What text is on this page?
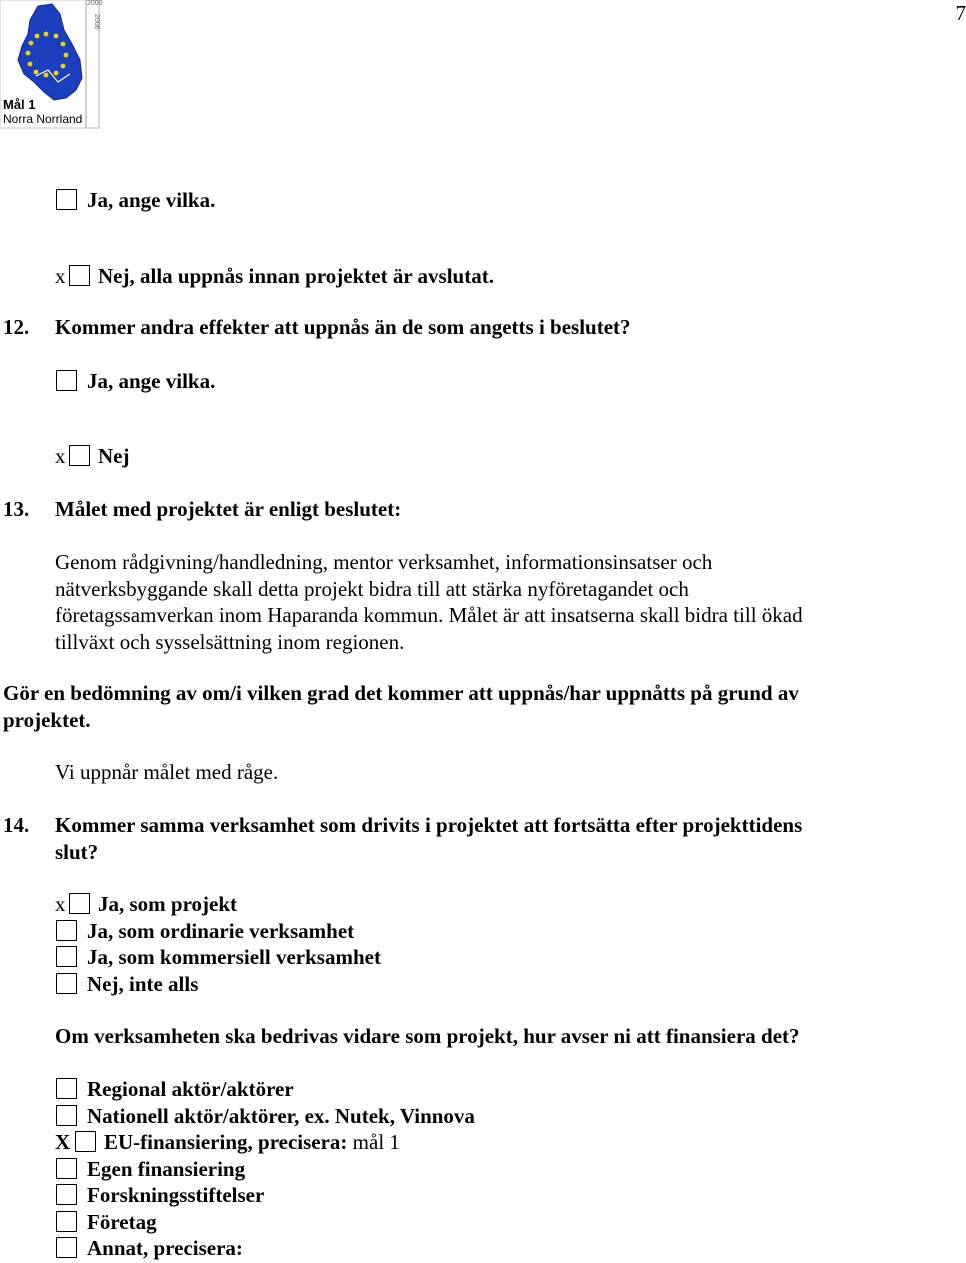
7
2000
2006
Mål 1
Norra Norrland
Ja, ange vilka.
x Nej, alla uppnås innan projektet är avslutat.
12. Kommer andra effekter att uppnås än de som angetts i beslutet?
Ja, ange vilka.
x Nej
13. Målet med projektet är enligt beslutet:
Genom rådgivning/handledning, mentor verksamhet, informationsinsatser och
nätverksbyggande skall detta projekt bidra till att stärka nyföretagandet och
företagssamverkan inom Haparanda kommun. Målet är att insatserna skall bidra till ökad
tillväxt och sysselsättning inom regionen.
Gör en bedömning av om/i vilken grad det kommer att uppnås/har uppnåtts på grund av
projektet.
Vi uppnår målet med råge.
14. Kommer samma verksamhet som drivits i projektet att fortsätta efter projekttidens
slut?
x Ja, som projekt
Ja, som ordinarie verksamhet
Ja, som kommersiell verksamhet
Nej, inte alls
Om verksamheten ska bedrivas vidare som projekt, hur avser ni att finansiera det?
Regional aktör/aktörer
Nationell aktör/aktörer, ex. Nutek, Vinnova
X EU-finansiering, precisera: mål 1
Egen finansiering
Forskningsstiftelser
Företag
Annat, precisera:
